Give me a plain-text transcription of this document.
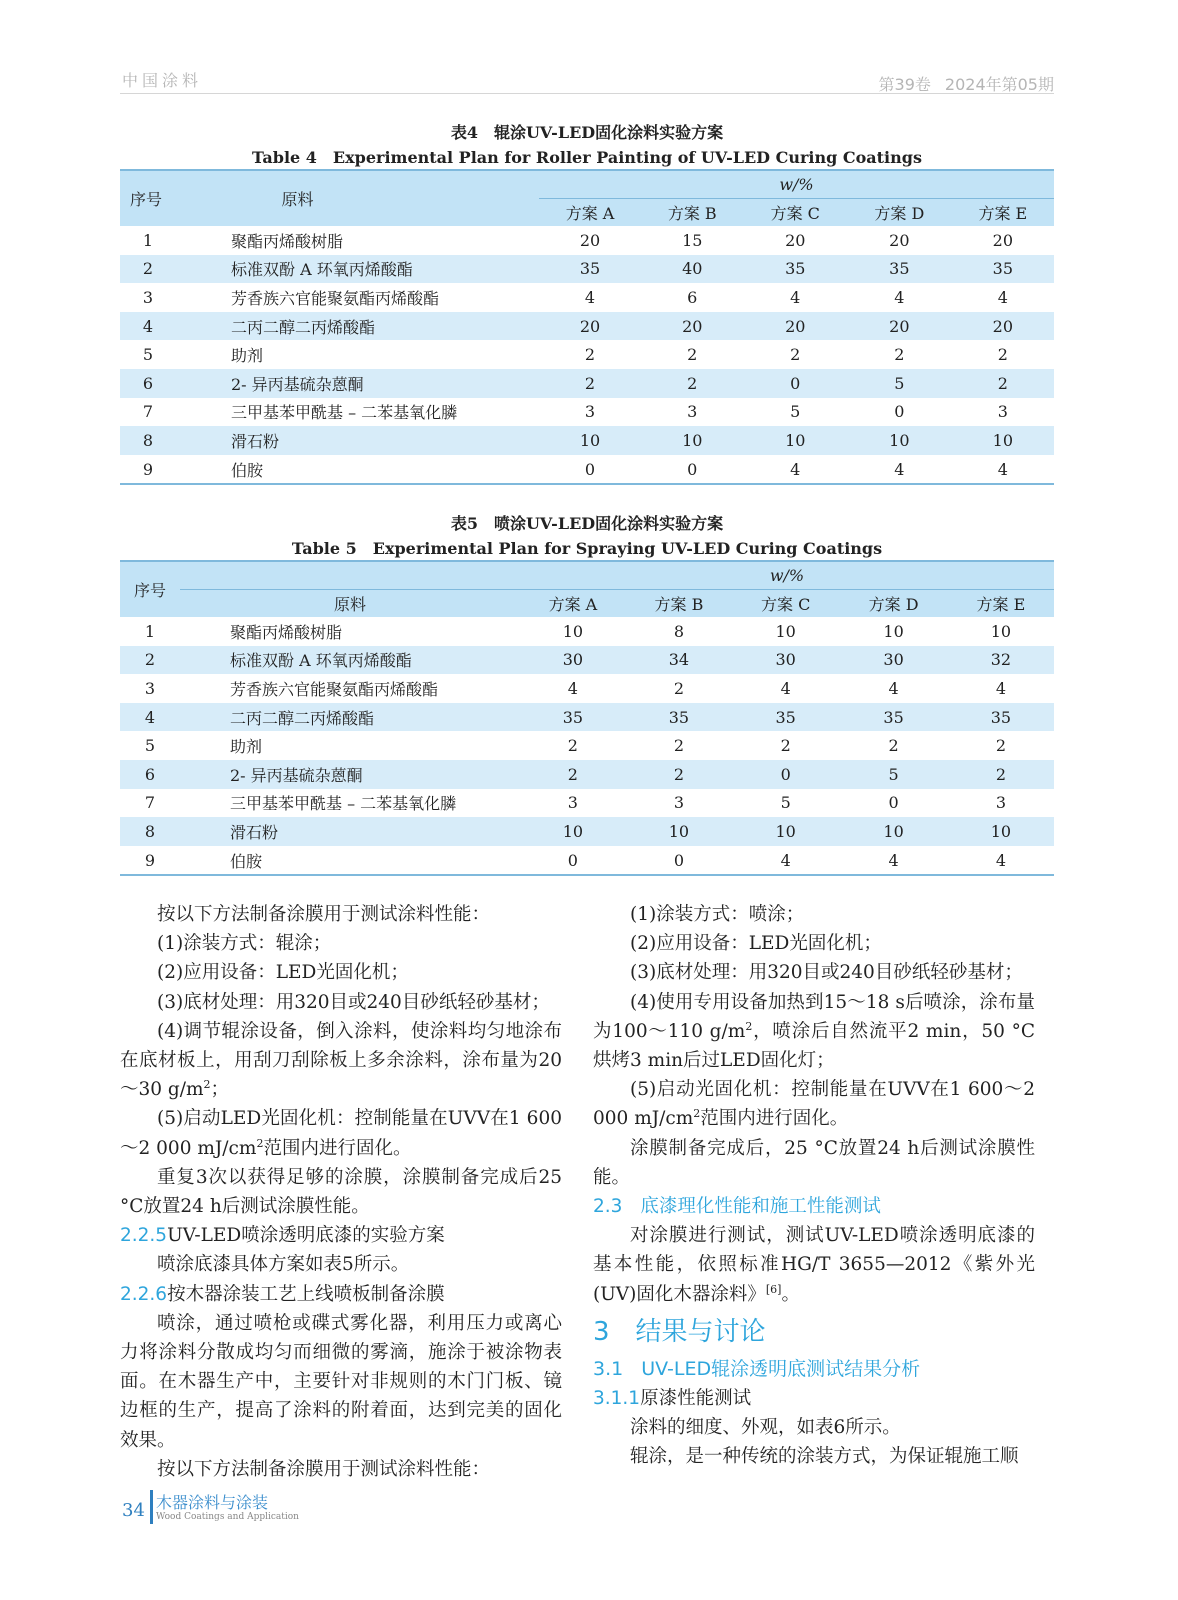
中国涂料	第39卷 2024年第05期
表4　辊涂UV-LED固化涂料实验方案
Table 4　Experimental Plan for Roller Painting of UV-LED Curing Coatings
序号	原料	w/%				
		方案 A	方案 B	方案 C	方案 D	方案 E
1	聚酯丙烯酸树脂	20	15	20	20	20
2	标准双酚 A 环氧丙烯酸酯	35	40	35	35	35
3	芳香族六官能聚氨酯丙烯酸酯	4	6	4	4	4
4	二丙二醇二丙烯酸酯	20	20	20	20	20
5	助剂	2	2	2	2	2
6	2- 异丙基硫杂蒽酮	2	2	0	5	2
7	三甲基苯甲酰基 – 二苯基氧化膦	3	3	5	0	3
8	滑石粉	10	10	10	10	10
9	伯胺	0	0	4	4	4
表5　喷涂UV-LED固化涂料实验方案
Table 5　Experimental Plan for Spraying UV-LED Curing Coatings
序号		w/%				
	原料	方案 A	方案 B	方案 C	方案 D	方案 E
1	聚酯丙烯酸树脂	10	8	10	10	10
2	标准双酚 A 环氧丙烯酸酯	30	34	30	30	32
3	芳香族六官能聚氨酯丙烯酸酯	4	2	4	4	4
4	二丙二醇二丙烯酸酯	35	35	35	35	35
5	助剂	2	2	2	2	2
6	2- 异丙基硫杂蒽酮	2	2	0	5	2
7	三甲基苯甲酰基 – 二苯基氧化膦	3	3	5	0	3
8	滑石粉	10	10	10	10	10
9	伯胺	0	0	4	4	4

按以下方法制备涂膜用于测试涂料性能：

(1)涂装方式：辊涂；

(2)应用设备：LED光固化机；

(3)底材处理：用320目或240目砂纸轻砂基材；

(4)调节辊涂设备，倒入涂料，使涂料均匀地涂布在底材板上，用刮刀刮除板上多余涂料，涂布量为20～30 $g/m^2$；

(5)启动LED光固化机：控制能量在UVV在1 600～2 000 $mJ/cm^2$范围内进行固化。

重复3次以获得足够的涂膜，涂膜制备完成后25 °C放置24 h后测试涂膜性能。

2.2.5UV-LED喷涂透明底漆的实验方案

喷涂底漆具体方案如表5所示。

2.2.6按木器涂装工艺上线喷板制备涂膜

喷涂，通过喷枪或碟式雾化器，利用压力或离心力将涂料分散成均匀而细微的雾滴，施涂于被涂物表面。在木器生产中，主要针对非规则的木门门板、镜边框的生产，提高了涂料的附着面，达到完美的固化效果。

按以下方法制备涂膜用于测试涂料性能：

(1)涂装方式：喷涂；

(2)应用设备：LED光固化机；

(3)底材处理：用320目或240目砂纸轻砂基材；

(4)使用专用设备加热到15～18 s后喷涂，涂布量为100～110 $g/m^2$，喷涂后自然流平2 min，50 °C烘烤3 min后过LED固化灯；

(5)启动光固化机：控制能量在UVV在1 600～2 000 $mJ/cm^2$范围内进行固化。

涂膜制备完成后，25 °C放置24 h后测试涂膜性能。

2.3 底漆理化性能和施工性能测试

对涂膜进行测试，测试UV-LED喷涂透明底漆的基本性能，依照标准HG/T 3655—2012《紫外光(UV)固化木器涂料》[6]。

3 结果与讨论

3.1 UV-LED辊涂透明底测试结果分析

3.1.1原漆性能测试

涂料的细度、外观，如表6所示。

辊涂，是一种传统的涂装方式，为保证辊施工顺

34 木器涂料与涂装
Wood Coatings and Application
